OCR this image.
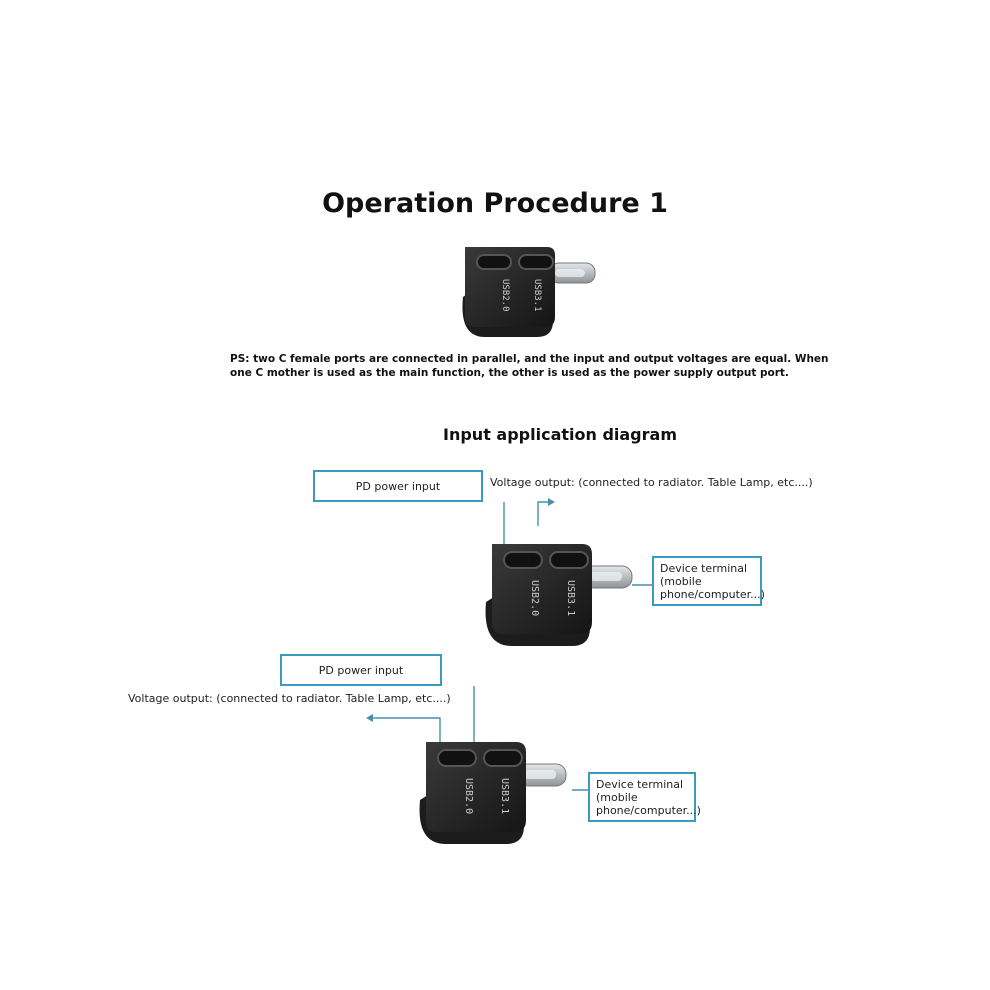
Operation Procedure 1
USB2.0 USB3.1
PS: two C female ports are connected in parallel, and the input and output voltages are equal. When
one C mother is used as the main function, the other is used as the power supply output port.
Input application diagram
PD power input	Voltage output: (connected to radiator. Table Lamp, etc....)
USB2.0	USB3.1
Device terminal
(mobile
phone/computer...)
PD power input
Voltage output: (connected to radiator. Table Lamp, etc....)
USB2.0	USB3.1	Device terminal
(mobile
phone/computer...)
